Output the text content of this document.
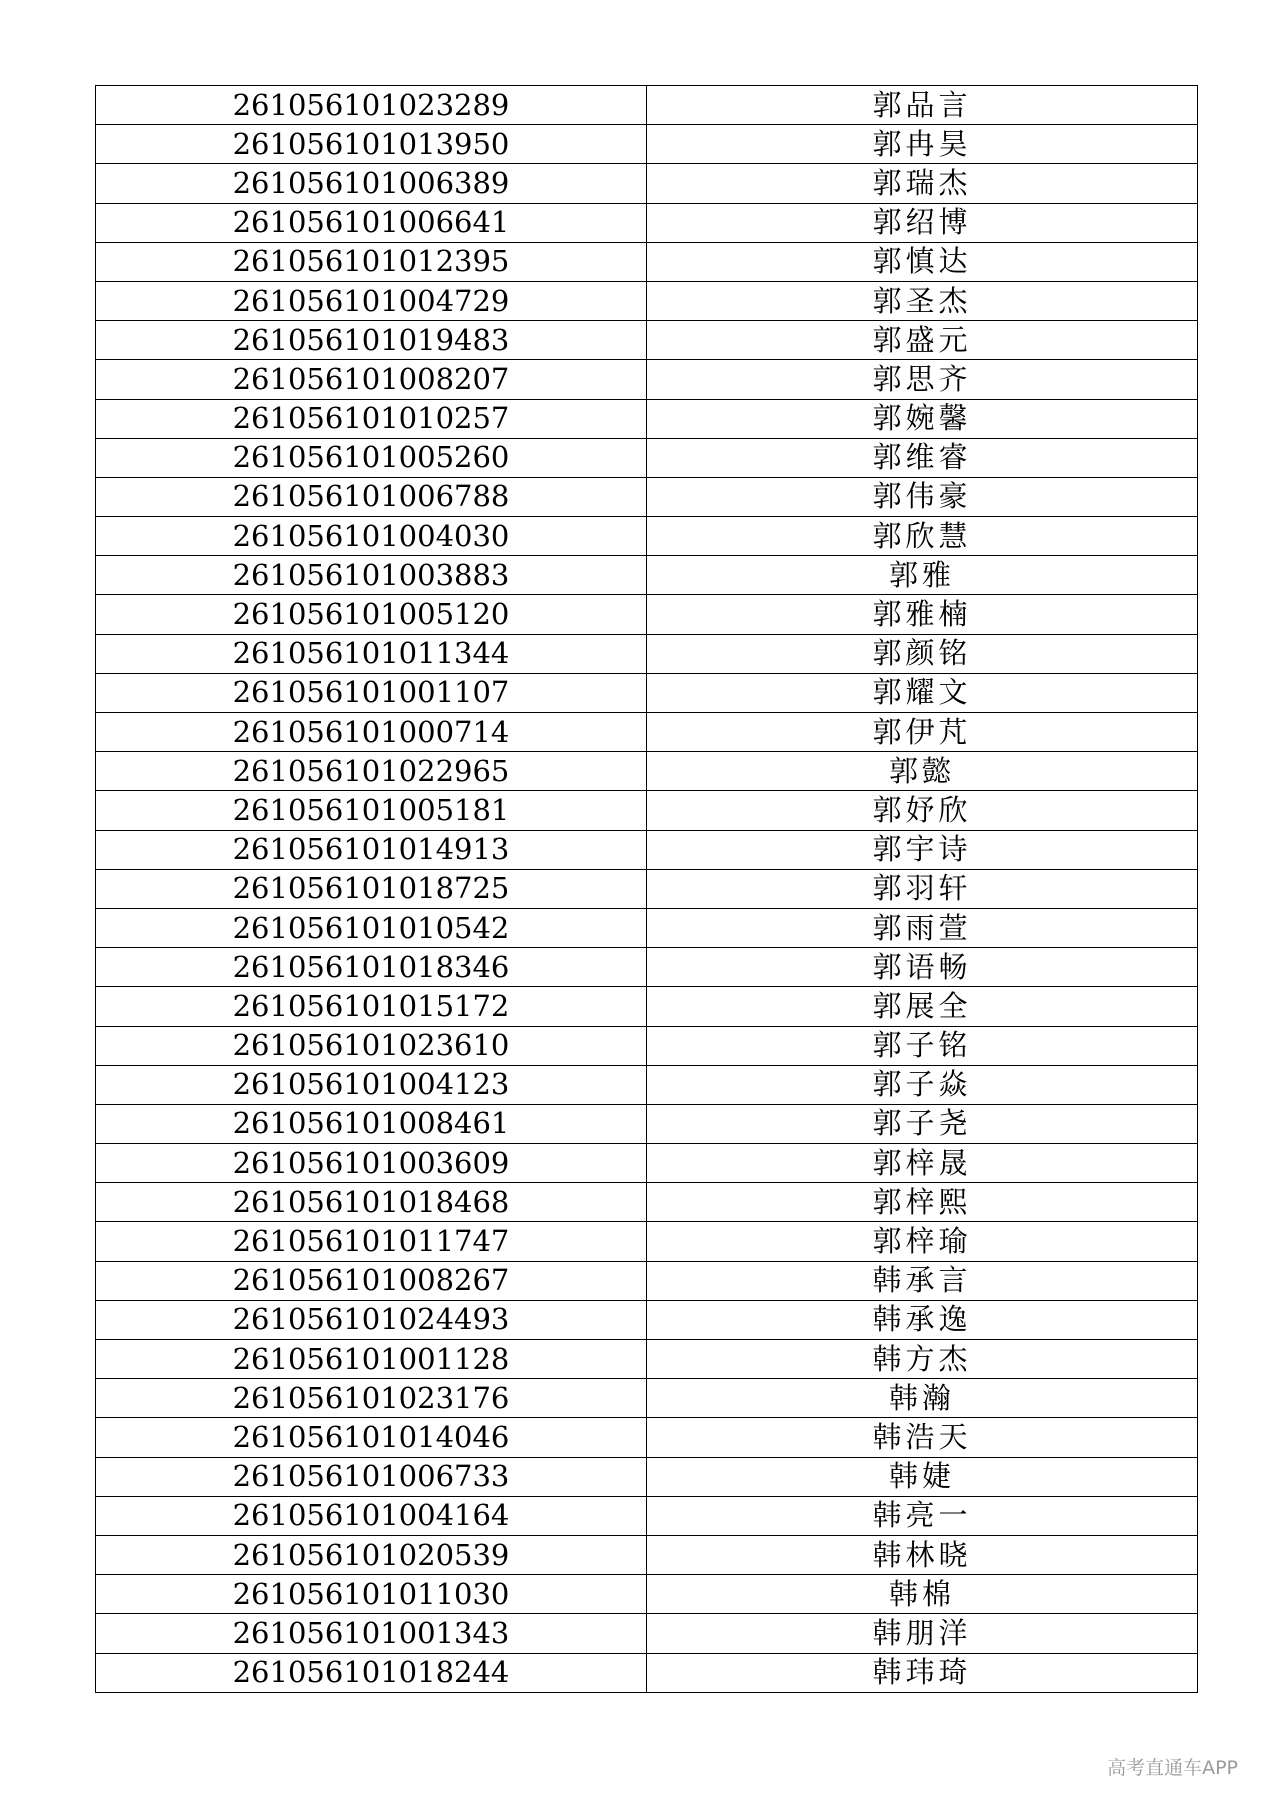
261056101023289	郭品言
261056101013950	郭冉昊
261056101006389	郭瑞杰
261056101006641	郭绍博
261056101012395	郭慎达
261056101004729	郭圣杰
261056101019483	郭盛元
261056101008207	郭思齐
261056101010257	郭婉馨
261056101005260	郭维睿
261056101006788	郭伟豪
261056101004030	郭欣慧
261056101003883	郭雅
261056101005120	郭雅楠
261056101011344	郭颜铭
261056101001107	郭耀文
261056101000714	郭伊芃
261056101022965	郭懿
261056101005181	郭妤欣
261056101014913	郭宇诗
261056101018725	郭羽轩
261056101010542	郭雨萱
261056101018346	郭语畅
261056101015172	郭展全
261056101023610	郭子铭
261056101004123	郭子焱
261056101008461	郭子尧
261056101003609	郭梓晟
261056101018468	郭梓熙
261056101011747	郭梓瑜
261056101008267	韩承言
261056101024493	韩承逸
261056101001128	韩方杰
261056101023176	韩瀚
261056101014046	韩浩天
261056101006733	韩婕
261056101004164	韩亮一
261056101020539	韩林晓
261056101011030	韩棉
261056101001343	韩朋洋
261056101018244	韩玮琦
高考直通车APP
